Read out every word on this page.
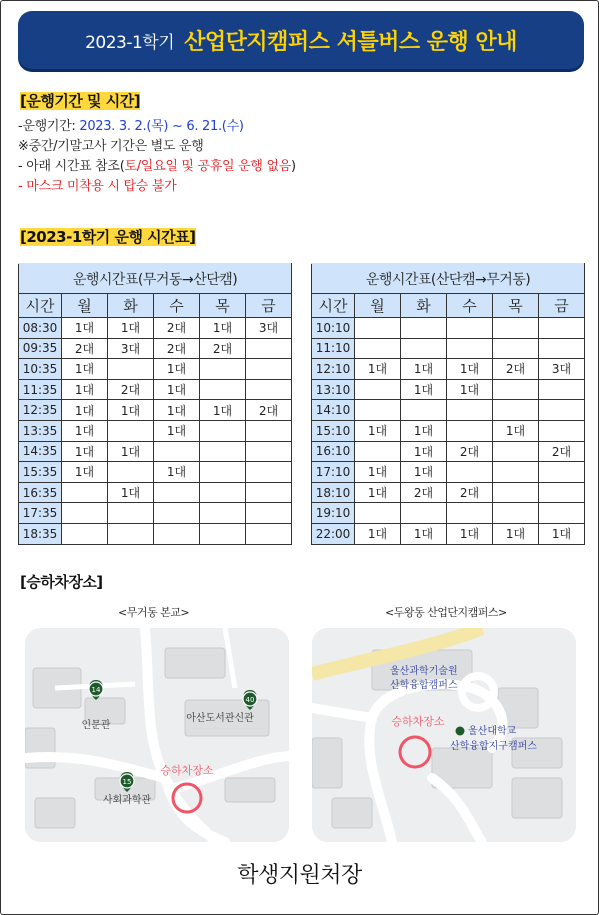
2023-1학기 산업단지캠퍼스 셔틀버스 운행 안내
[운행기간 및 시간]
-운행기간: 2023. 3. 2.(목) ~ 6. 21.(수)
※중간/기말고사 기간은 별도 운행
- 아래 시간표 참조(토/일요일 및 공휴일 운행 없음)
- 마스크 미착용 시 탑승 불가
[2023-1학기 운행 시간표]
운행시간표(무거동→산단캠)					
시간	월	화	수	목	금
08:30	1대	1대	2대	1대	3대
09:35	2대	3대	2대	2대	
10:35	1대		1대		
11:35	1대	2대	1대		
12:35	1대	1대	1대	1대	2대
13:35	1대		1대		
14:35	1대	1대			
15:35	1대		1대		
16:35		1대			
17:35					
18:35					
운행시간표(산단캠→무거동)					
시간	월	화	수	목	금
10:10					
11:10					
12:10	1대	1대	1대	2대	3대
13:10		1대	1대		
14:10					
15:10	1대	1대		1대	
16:10		1대	2대		2대
17:10	1대	1대			
18:10	1대	2대	2대		
19:10					
22:00	1대	1대	1대	1대	1대
[승하차장소]
<무거동 본교>	<두왕동 산업단지캠퍼스>
14
40
15
인문관
아산도서관신관
사회과학관
승하차장소
울산과학기술원
산학융합캠퍼스
울산대학교
산학융합지구캠퍼스
승하차장소
학생지원처장
